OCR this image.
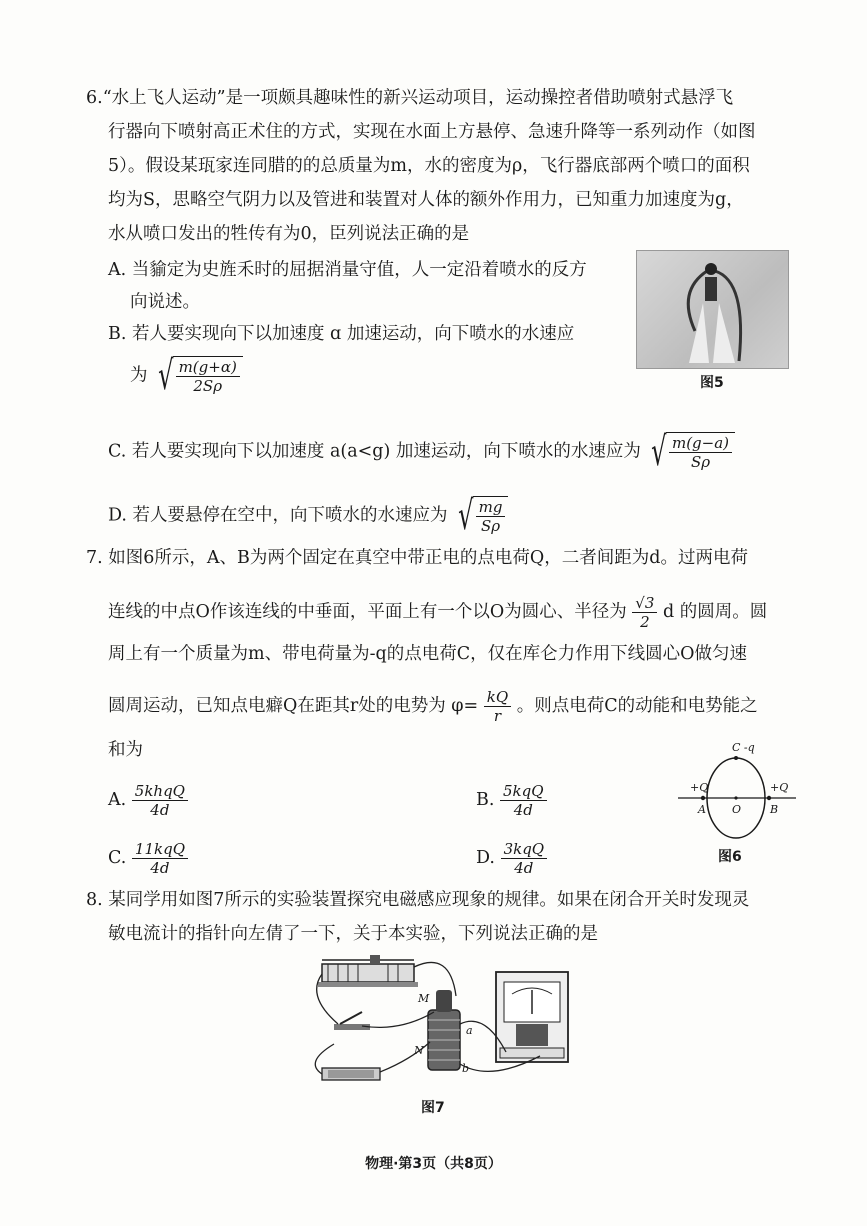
6.“水上飞人运动”是一项颇具趣味性的新兴运动项目，运动操控者借助喷射式悬浮飞
行器向下喷射高正术住的方式，实现在水面上方悬停、急速升降等一系列动作（如图
5）。假设某珁家连同腊的的总质量为m，水的密度为ρ，飞行器底部两个喷口的面积
均为S，思略空气阴力以及管进和装置对人体的额外作用力，已知重力加速度为g，
水从喷口发出的牲传有为0，臣列说法正确的是
A. 当貐定为史旌禾时的屈据消量守值，人一定沿着喷水的反方
向说述。
B. 若人要实现向下以加速度 ɑ 加速运动，向下喷水的水速应
为 √ $\frac{\text{m(g+ɑ)}}{2S\rho}$	图5
C. 若人要实现向下以加速度 a(a<g) 加速运动，向下喷水的水速应为 √ $\frac{m(g-a)}{S\rho}$
D. 若人要悬停在空中，向下喷水的水速应为 √ $\frac{mg}{S\rho}$
7. 如图6所示，A、B为两个固定在真空中带正电的点电荷Q，二者间距为d。过两电荷
连线的中点O作该连线的中垂面，平面上有一个以O为圆心、半径为 $\frac{√3}{2}$ d 的圆周。圆
周上有一个质量为m、带电荷量为-q的点电荷C，仅在库仑力作用下线圆心O做匀速
圆周运动，已知点电癖Q在距其r处的电势为 $\varphi= \frac{kQ}{r}$ 。则点电荷C的动能和电势能之
和为
A. $\frac{\text{5khqQ}}{4d}$	B. $\frac{\text{5kqQ}}{4d}$
C. $\frac{\text{11kqQ}}{4d}$	D. $\frac{\text{3kqQ}}{4d}$
C -q
+Q	+Q
A O	B
图6
8. 某同学用如图7所示的实验装置探究电磁感应现象的规律。如果在闭合开关时发现灵
敏电流计的指针向左倩了一下，关于本实验，下列说法正确的是
M
N
a
b
图7
物理·第3页（共8页）
